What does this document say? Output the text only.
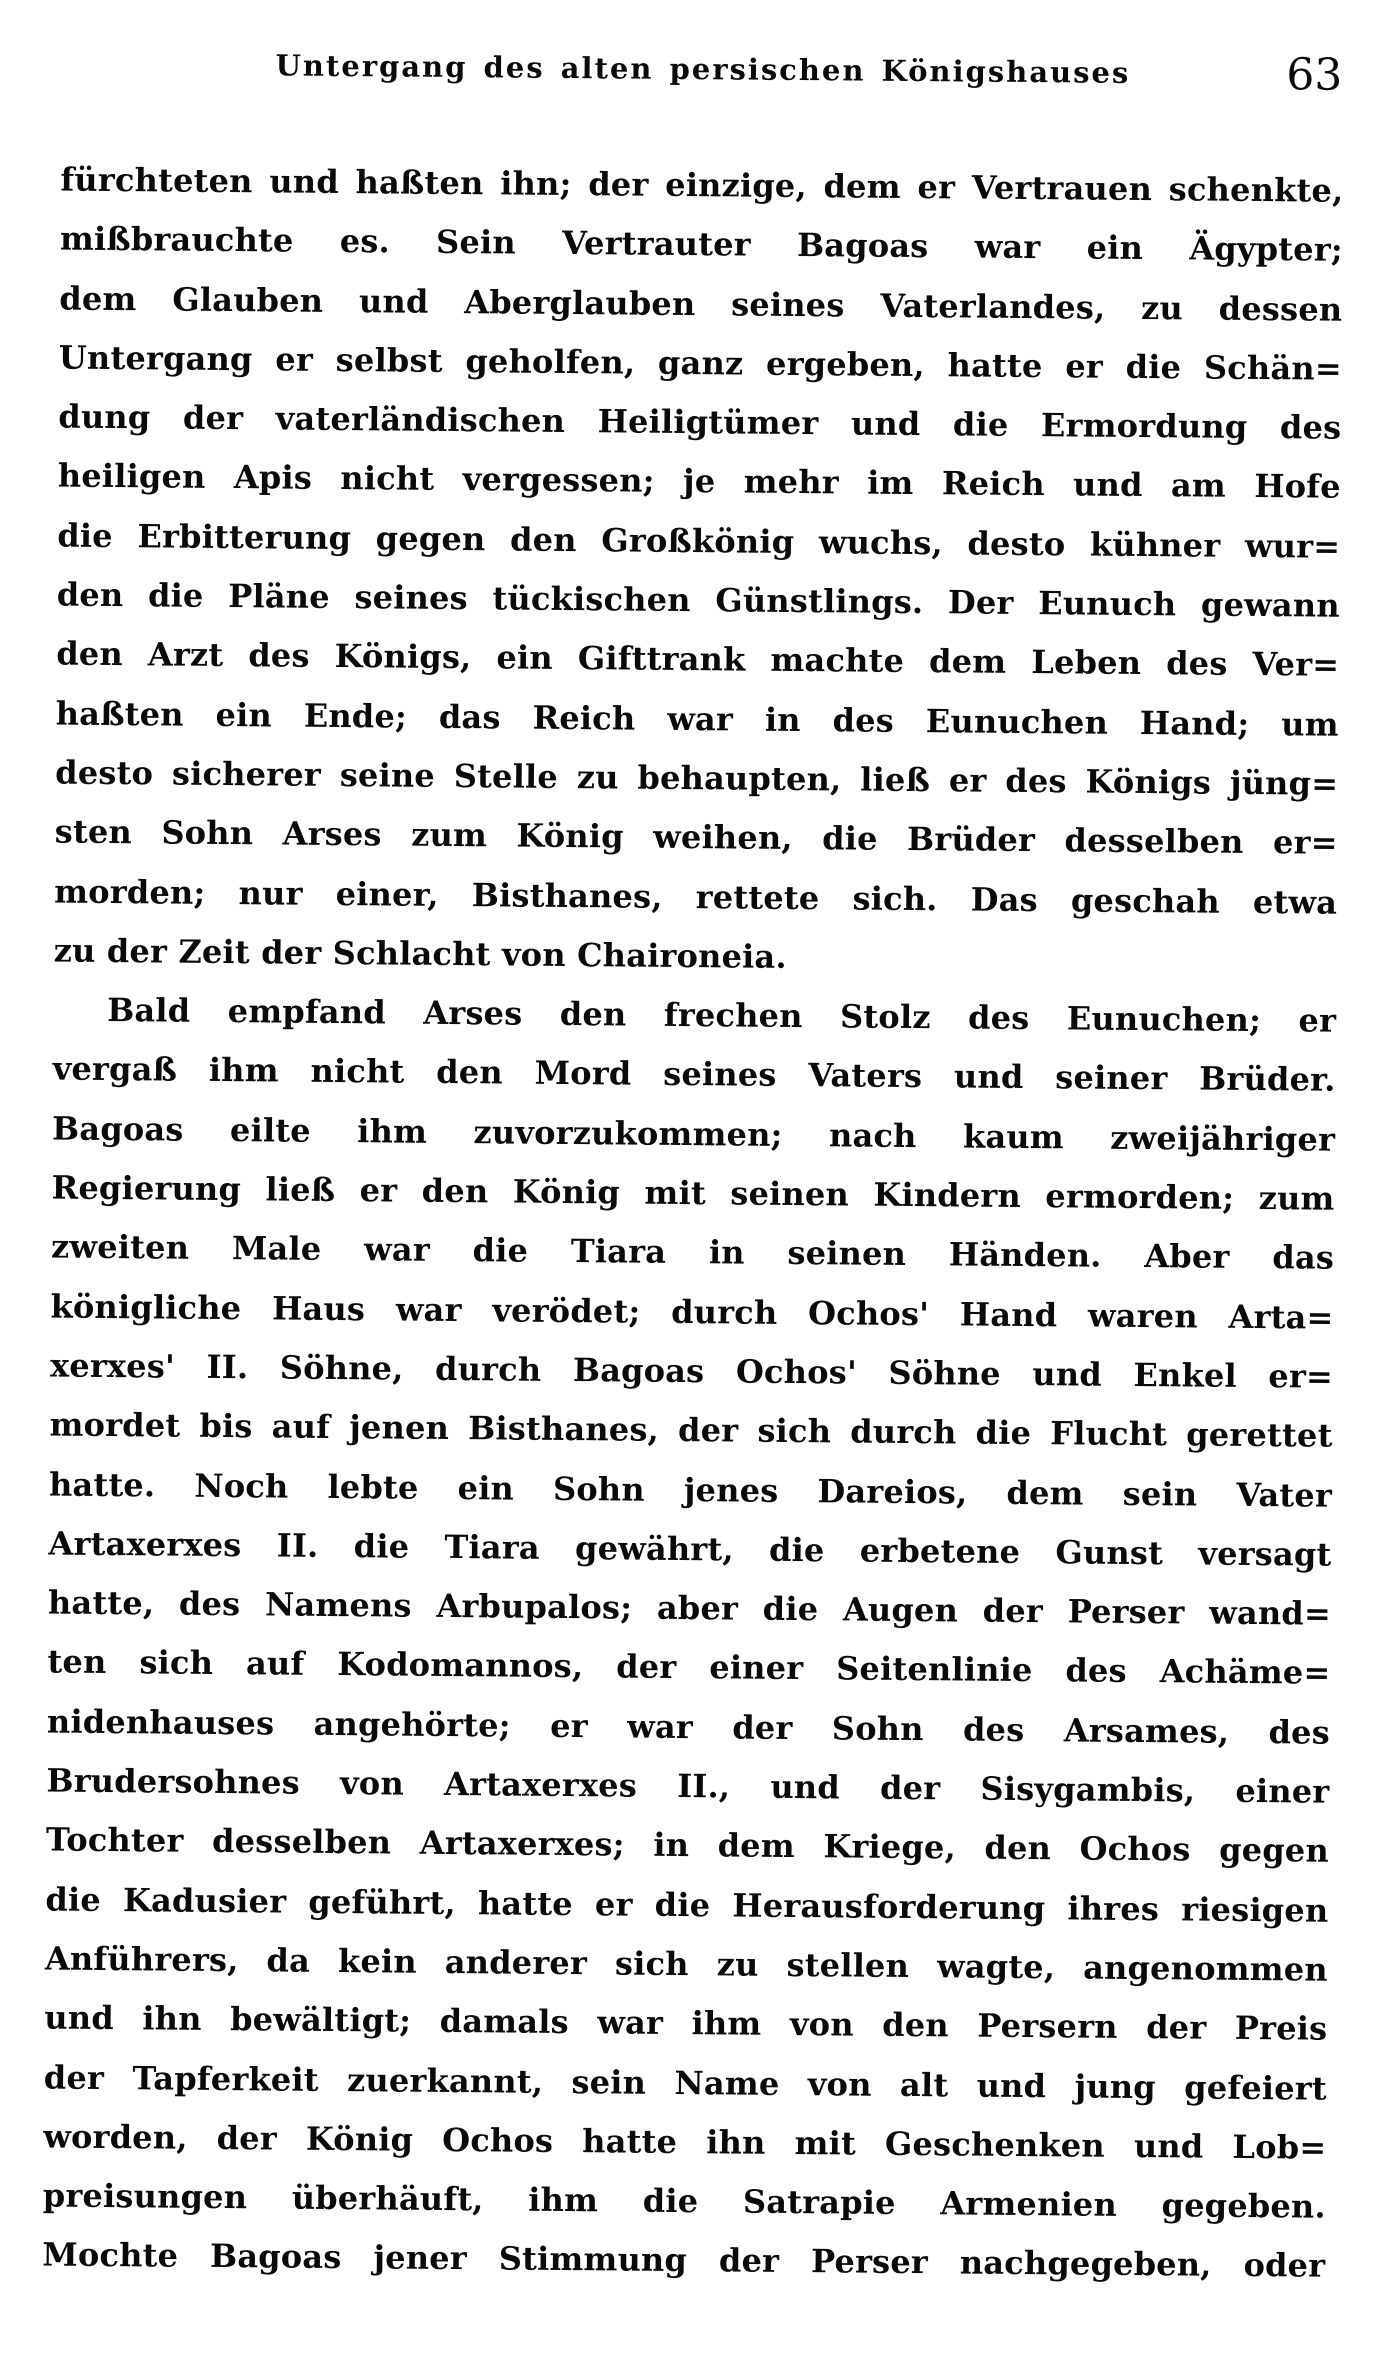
Untergang des alten persischen Königshauses	63

fürchteten und haßten ihn; der einzige, dem er Vertrauen schenkte,
mißbrauchte es. Sein Vertrauter Bagoas war ein Ägypter;
dem Glauben und Aberglauben seines Vaterlandes, zu dessen
Untergang er selbst geholfen, ganz ergeben, hatte er die Schän=
dung der vaterländischen Heiligtümer und die Ermordung des
heiligen Apis nicht vergessen; je mehr im Reich und am Hofe
die Erbitterung gegen den Großkönig wuchs, desto kühner wur=
den die Pläne seines tückischen Günstlings. Der Eunuch gewann
den Arzt des Königs, ein Gifttrank machte dem Leben des Ver=
haßten ein Ende; das Reich war in des Eunuchen Hand; um
desto sicherer seine Stelle zu behaupten, ließ er des Königs jüng=
sten Sohn Arses zum König weihen, die Brüder desselben er=
morden; nur einer, Bisthanes, rettete sich. Das geschah etwa
zu der Zeit der Schlacht von Chaironeia.

Bald empfand Arses den frechen Stolz des Eunuchen; er
vergaß ihm nicht den Mord seines Vaters und seiner Brüder.
Bagoas eilte ihm zuvorzukommen; nach kaum zweijähriger
Regierung ließ er den König mit seinen Kindern ermorden; zum
zweiten Male war die Tiara in seinen Händen. Aber das
königliche Haus war verödet; durch Ochos' Hand waren Arta=
xerxes' II. Söhne, durch Bagoas Ochos' Söhne und Enkel er=
mordet bis auf jenen Bisthanes, der sich durch die Flucht gerettet
hatte. Noch lebte ein Sohn jenes Dareios, dem sein Vater
Artaxerxes II. die Tiara gewährt, die erbetene Gunst versagt
hatte, des Namens Arbupalos; aber die Augen der Perser wand=
ten sich auf Kodomannos, der einer Seitenlinie des Achäme=
nidenhauses angehörte; er war der Sohn des Arsames, des
Brudersohnes von Artaxerxes II., und der Sisygambis, einer
Tochter desselben Artaxerxes; in dem Kriege, den Ochos gegen
die Kadusier geführt, hatte er die Herausforderung ihres riesigen
Anführers, da kein anderer sich zu stellen wagte, angenommen
und ihn bewältigt; damals war ihm von den Persern der Preis
der Tapferkeit zuerkannt, sein Name von alt und jung gefeiert
worden, der König Ochos hatte ihn mit Geschenken und Lob=
preisungen überhäuft, ihm die Satrapie Armenien gegeben.
Mochte Bagoas jener Stimmung der Perser nachgegeben, oder
